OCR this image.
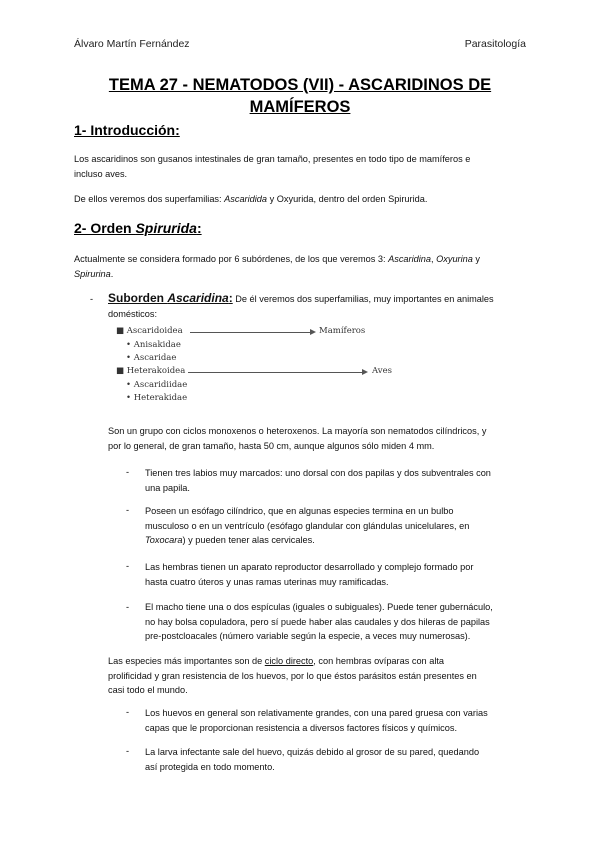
Álvaro Martín Fernández	Parasitología
TEMA 27 - NEMATODOS (VII) - ASCARIDINOS DE
MAMÍFEROS
1- Introducción:
Los ascaridinos son gusanos intestinales de gran tamaño, presentes en todo tipo de mamíferos e
incluso aves.
De ellos veremos dos superfamilias: Ascaridida y Oxyurida, dentro del orden Spirurida.
2- Orden Spirurida:
Actualmente se considera formado por 6 subórdenes, de los que veremos 3: Ascaridina, Oxyurina y
Spirurina.
- Suborden Ascaridina: De él veremos dos superfamilias, muy importantes en animales
domésticos:
■ Ascaridoidea	Mamíferos
• Anisakidae
• Ascaridae
■ Heterakoidea	Aves
• Ascaridiidae
• Heterakidae
Son un grupo con ciclos monoxenos o heteroxenos. La mayoría son nematodos cilíndricos, y
por lo general, de gran tamaño, hasta 50 cm, aunque algunos sólo miden 4 mm.
- Tienen tres labios muy marcados: uno dorsal con dos papilas y dos subventrales con
una papila.
- Poseen un esófago cilíndrico, que en algunas especies termina en un bulbo
musculoso o en un ventrículo (esófago glandular con glándulas unicelulares, en
Toxocara) y pueden tener alas cervicales.
- Las hembras tienen un aparato reproductor desarrollado y complejo formado por
hasta cuatro úteros y unas ramas uterinas muy ramificadas.
- El macho tiene una o dos espículas (iguales o subiguales). Puede tener gubernáculo,
no hay bolsa copuladora, pero sí puede haber alas caudales y dos hileras de papilas
pre-postcloacales (número variable según la especie, a veces muy numerosas).
Las especies más importantes son de ciclo directo, con hembras ovíparas con alta
prolificidad y gran resistencia de los huevos, por lo que éstos parásitos están presentes en
casi todo el mundo.
- Los huevos en general son relativamente grandes, con una pared gruesa con varias
capas que le proporcionan resistencia a diversos factores físicos y químicos.
- La larva infectante sale del huevo, quizás debido al grosor de su pared, quedando
así protegida en todo momento.
